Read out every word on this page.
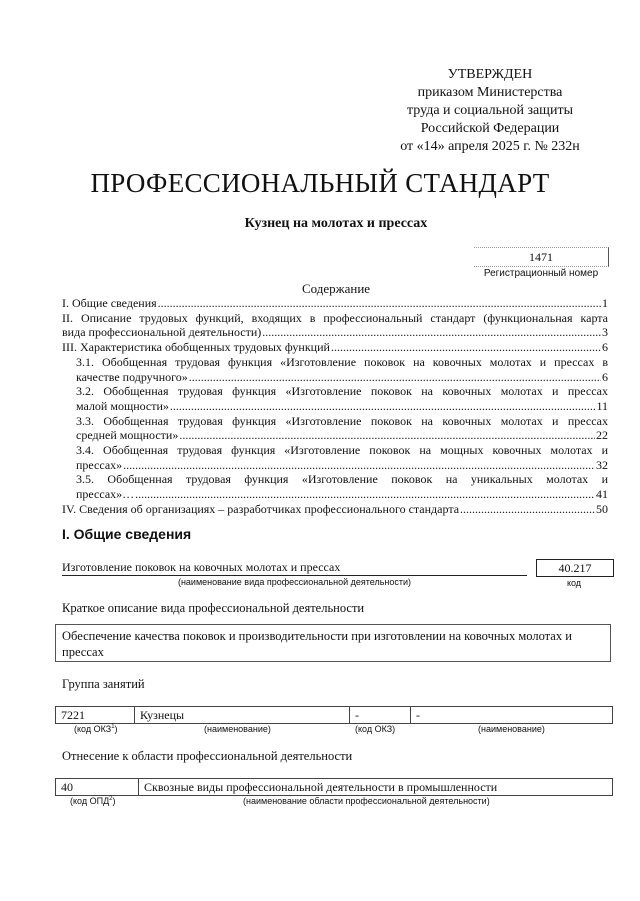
УТВЕРЖДЕН
приказом Министерства
труда и социальной защиты
Российской Федерации
от «14» апреля 2025 г. № 232н
ПРОФЕССИОНАЛЬНЫЙ СТАНДАРТ
Кузнец на молотах и прессах
1471
Регистрационный номер
Содержание
I. Общие сведения .....	1
II. Описание трудовых функций, входящих в профессиональный стандарт (функциональная карта
вида профессиональной деятельности) .....	3
III. Характеристика обобщенных трудовых функций .....	6
3.1. Обобщенная трудовая функция «Изготовление поковок на ковочных молотах и прессах в
качестве подручного» .....	6
3.2. Обобщенная трудовая функция «Изготовление поковок на ковочных молотах и прессах
малой мощности» .....	11
3.3. Обобщенная трудовая функция «Изготовление поковок на ковочных молотах и прессах
средней мощности» .....	22
3.4. Обобщенная трудовая функция «Изготовление поковок на мощных ковочных молотах и
прессах» .....	32
3.5. Обобщенная трудовая функция «Изготовление поковок на уникальных молотах и
прессах»… .....	41
IV. Сведения об организациях – разработчиках профессионального стандарта .....	50
I. Общие сведения
Изготовление поковок на ковочных молотах и прессах
(наименование вида профессиональной деятельности)
40.217
код
Краткое описание вида профессиональной деятельности
Обеспечение качества поковок и производительности при изготовлении на ковочных молотах и прессах
Группа занятий
7221	Кузнецы	-	-
(код ОКЗ$^1$)	(наименование)	(код ОКЗ)	(наименование)
Отнесение к области профессиональной деятельности
40	Сквозные виды профессиональной деятельности в промышленности
(код ОПД$^2$)	(наименование области профессиональной деятельности)
